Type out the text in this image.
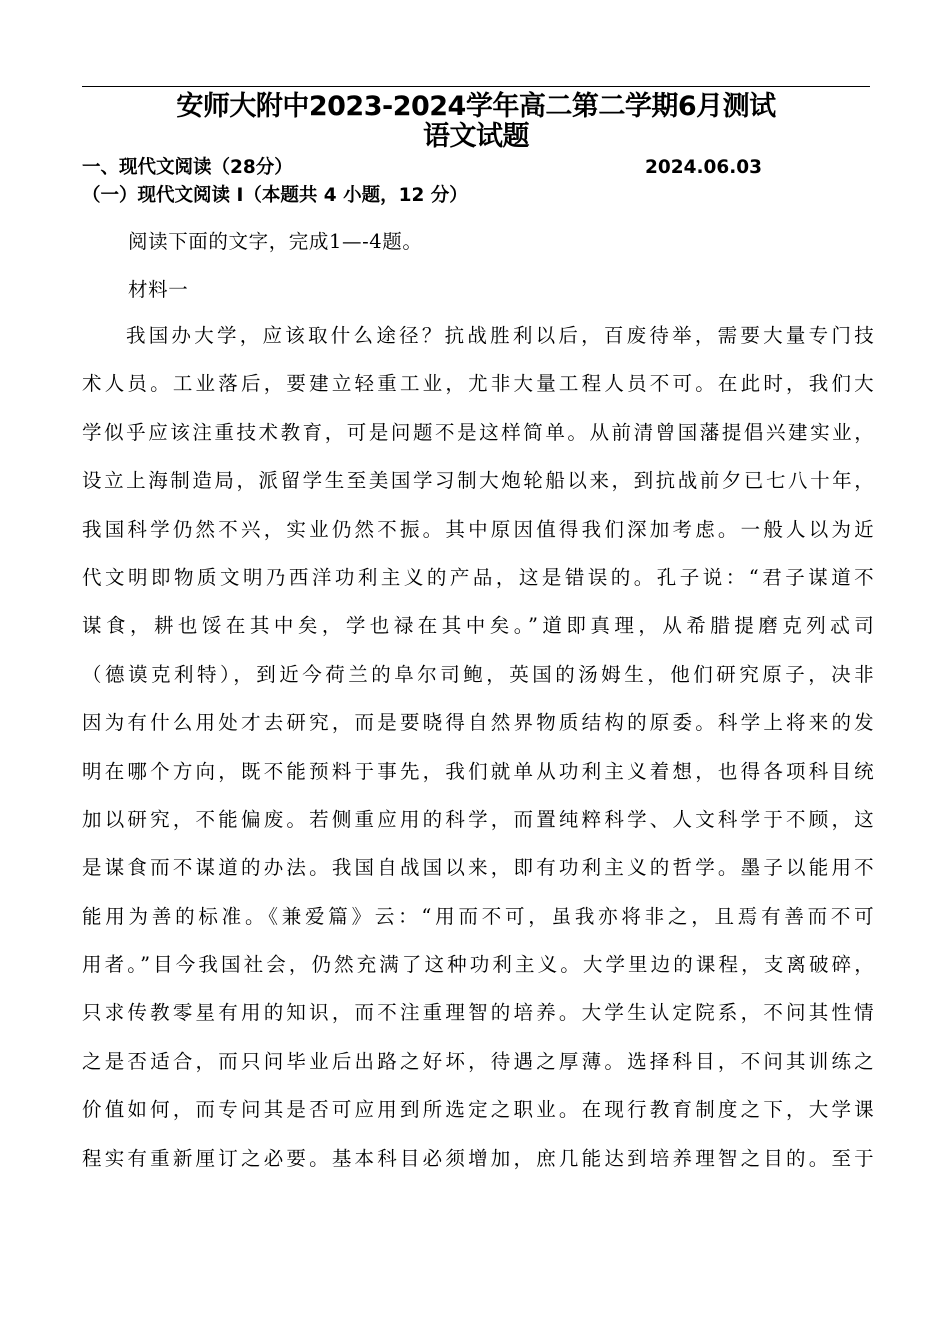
安师大附中2023-2024学年高二第二学期6月测试
语文试题
一、现代文阅读（28分）	2024.06.03
（一）现代文阅读 I（本题共 4 小题，12 分）
阅读下面的文字，完成1—-4题。
材料一
我国办大学，应该取什么途径？抗战胜利以后，百废待举，需要大量专门技
术人员。工业落后，要建立轻重工业，尤非大量工程人员不可。在此时，我们大
学似乎应该注重技术教育，可是问题不是这样简单。从前清曾国藩提倡兴建实业，
设立上海制造局，派留学生至美国学习制大炮轮船以来，到抗战前夕已七八十年，
我国科学仍然不兴，实业仍然不振。其中原因值得我们深加考虑。一般人以为近
代文明即物质文明乃西洋功利主义的产品，这是错误的。孔子说：“君子谋道不
谋食，耕也馁在其中矣，学也禄在其中矣。”道即真理，从希腊提磨克列忒司
（德谟克利特），到近今荷兰的阜尔司鲍，英国的汤姆生，他们研究原子，决非
因为有什么用处才去研究，而是要晓得自然界物质结构的原委。科学上将来的发
明在哪个方向，既不能预料于事先，我们就单从功利主义着想，也得各项科目统
加以研究，不能偏废。若侧重应用的科学，而置纯粹科学、人文科学于不顾，这
是谋食而不谋道的办法。我国自战国以来，即有功利主义的哲学。墨子以能用不
能用为善的标准。《兼爱篇》云：“用而不可，虽我亦将非之，且焉有善而不可
用者。”目今我国社会，仍然充满了这种功利主义。大学里边的课程，支离破碎，
只求传教零星有用的知识，而不注重理智的培养。大学生认定院系，不问其性情
之是否适合，而只问毕业后出路之好坏，待遇之厚薄。选择科目，不问其训练之
价值如何，而专问其是否可应用到所选定之职业。在现行教育制度之下，大学课
程实有重新厘订之必要。基本科目必须增加，庶几能达到培养理智之目的。至于
